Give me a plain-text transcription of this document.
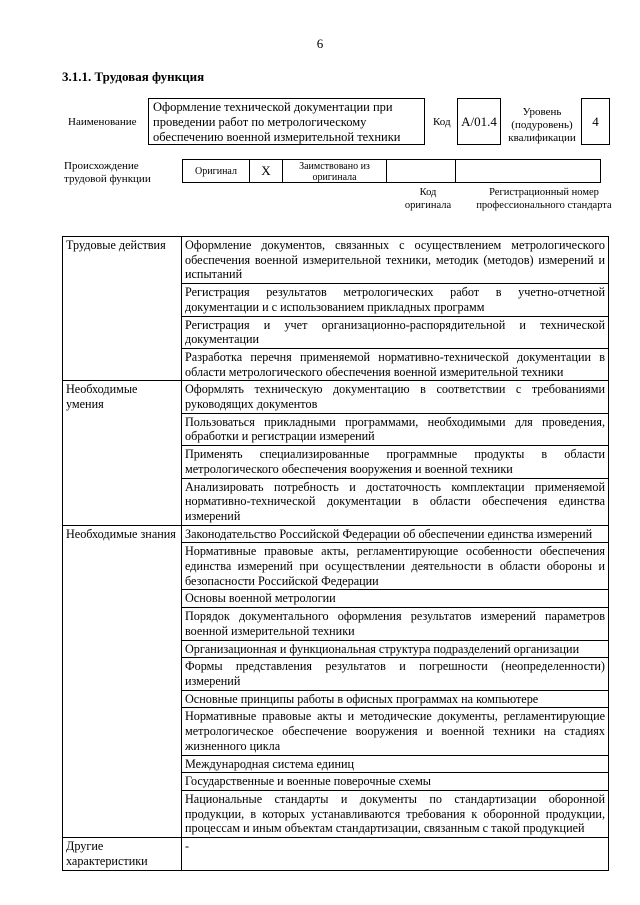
6
3.1.1. Трудовая функция
Наименование
Оформление технической документации при проведении работ по метрологическому обеспечению военной измерительной техники
Код A/01.4
Уровень (подуровень) квалификации
4
Происхождение трудовой функции
Оригинал	X	Заимствовано из оригинала
Код оригинала
Регистрационный номер профессионального стандарта
Трудовые действия	Оформление документов, связанных с осуществлением метрологического обеспечения военной измерительной техники, методик (методов) измерений и испытаний
	Регистрация результатов метрологических работ в учетно-отчетной документации и с использованием прикладных программ
	Регистрация и учет организационно-распорядительной и технической документации
	Разработка перечня применяемой нормативно-технической документации в области метрологического обеспечения военной измерительной техники
Необходимые умения	Оформлять техническую документацию в соответствии с требованиями руководящих документов
	Пользоваться прикладными программами, необходимыми для проведения, обработки и регистрации измерений
	Применять специализированные программные продукты в области метрологического обеспечения вооружения и военной техники
	Анализировать потребность и достаточность комплектации применяемой нормативно-технической документации в области обеспечения единства измерений
Необходимые знания	Законодательство Российской Федерации об обеспечении единства измерений
	Нормативные правовые акты, регламентирующие особенности обеспечения единства измерений при осуществлении деятельности в области обороны и безопасности Российской Федерации
	Основы военной метрологии
	Порядок документального оформления результатов измерений параметров военной измерительной техники
	Организационная и функциональная структура подразделений организации
	Формы представления результатов и погрешности (неопределенности) измерений
	Основные принципы работы в офисных программах на компьютере
	Нормативные правовые акты и методические документы, регламентирующие метрологическое обеспечение вооружения и военной техники на стадиях жизненного цикла
	Международная система единиц
	Государственные и военные поверочные схемы
	Национальные стандарты и документы по стандартизации оборонной продукции, в которых устанавливаются требования к оборонной продукции, процессам и иным объектам стандартизации, связанным с такой продукцией
Другие характеристики	-
